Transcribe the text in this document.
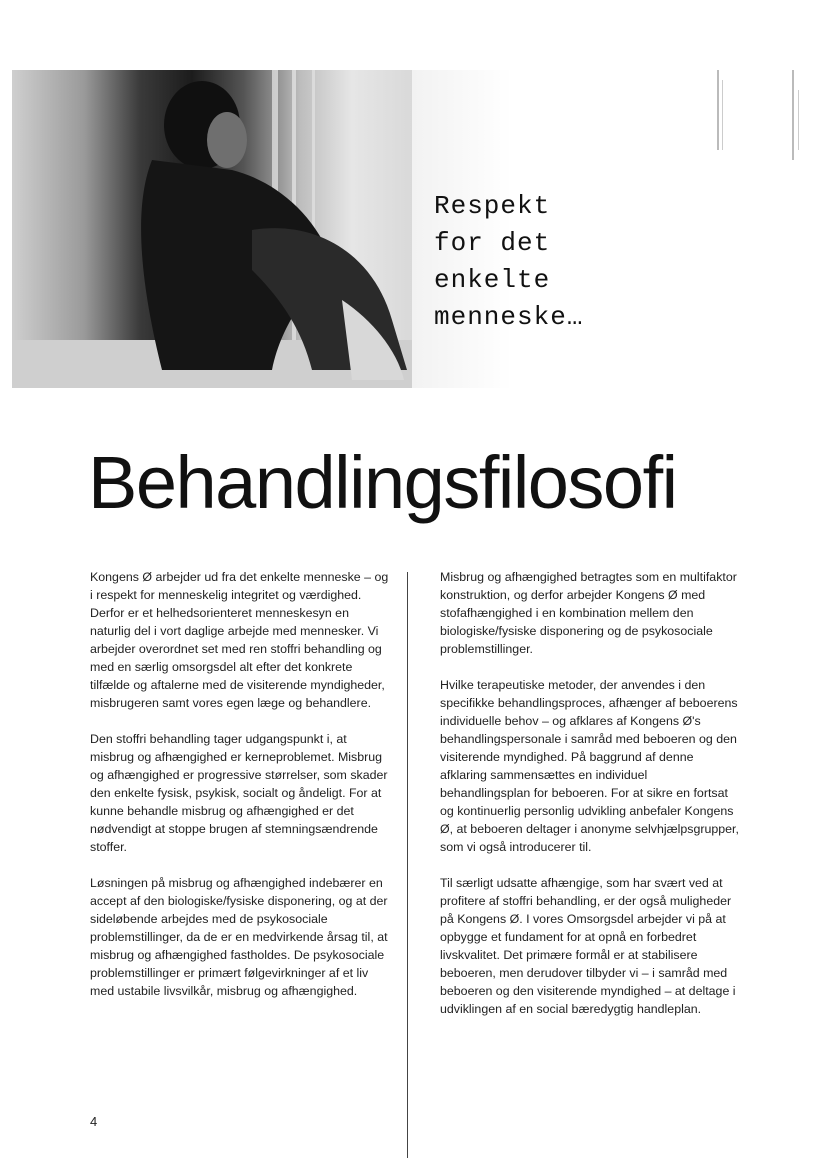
Respekt
for det
enkelte
menneske…
Behandlingsfilosofi

Kongens Ø arbejder ud fra det enkelte menneske – og i respekt for menneskelig integritet og værdighed. Derfor er et helhedsorienteret menneskesyn en naturlig del i vort daglige arbejde med mennesker. Vi arbejder overordnet set med ren stoffri behandling og med en særlig omsorgsdel alt efter det konkrete tilfælde og aftalerne med de visiterende myndigheder, misbrugeren samt vores egen læge og behandlere.

Den stoffri behandling tager udgangspunkt i, at misbrug og afhængighed er kerneproblemet. Misbrug og afhængighed er progressive størrelser, som skader den enkelte fysisk, psykisk, socialt og åndeligt. For at kunne behandle misbrug og afhængighed er det nødvendigt at stoppe brugen af stemningsændrende stoffer.

Løsningen på misbrug og afhængighed indebærer en accept af den biologiske/fysiske disponering, og at der sideløbende arbejdes med de psykosociale problemstillinger, da de er en medvirkende årsag til, at misbrug og afhængighed fastholdes. De psykosociale problemstillinger er primært følgevirkninger af et liv med ustabile livsvilkår, misbrug og afhængighed.

Misbrug og afhængighed betragtes som en multifaktor konstruktion, og derfor arbejder Kongens Ø med stofafhængighed i en kombination mellem den biologiske/fysiske disponering og de psykosociale problemstillinger.

Hvilke terapeutiske metoder, der anvendes i den specifikke behandlingsproces, afhænger af beboerens individuelle behov – og afklares af Kongens Ø's behandlingspersonale i samråd med beboeren og den visiterende myndighed. På baggrund af denne afklaring sammensættes en individuel behandlingsplan for beboeren. For at sikre en fortsat og kontinuerlig personlig udvikling anbefaler Kongens Ø, at beboeren deltager i anonyme selvhjælpsgrupper, som vi også introducerer til.

Til særligt udsatte afhængige, som har svært ved at profitere af stoffri behandling, er der også muligheder på Kongens Ø. I vores Omsorgsdel arbejder vi på at opbygge et fundament for at opnå en forbedret livskvalitet. Det primære formål er at stabilisere beboeren, men derudover tilbyder vi – i samråd med beboeren og den visiterende myndighed – at deltage i udviklingen af en social bæredygtig handleplan.

4
